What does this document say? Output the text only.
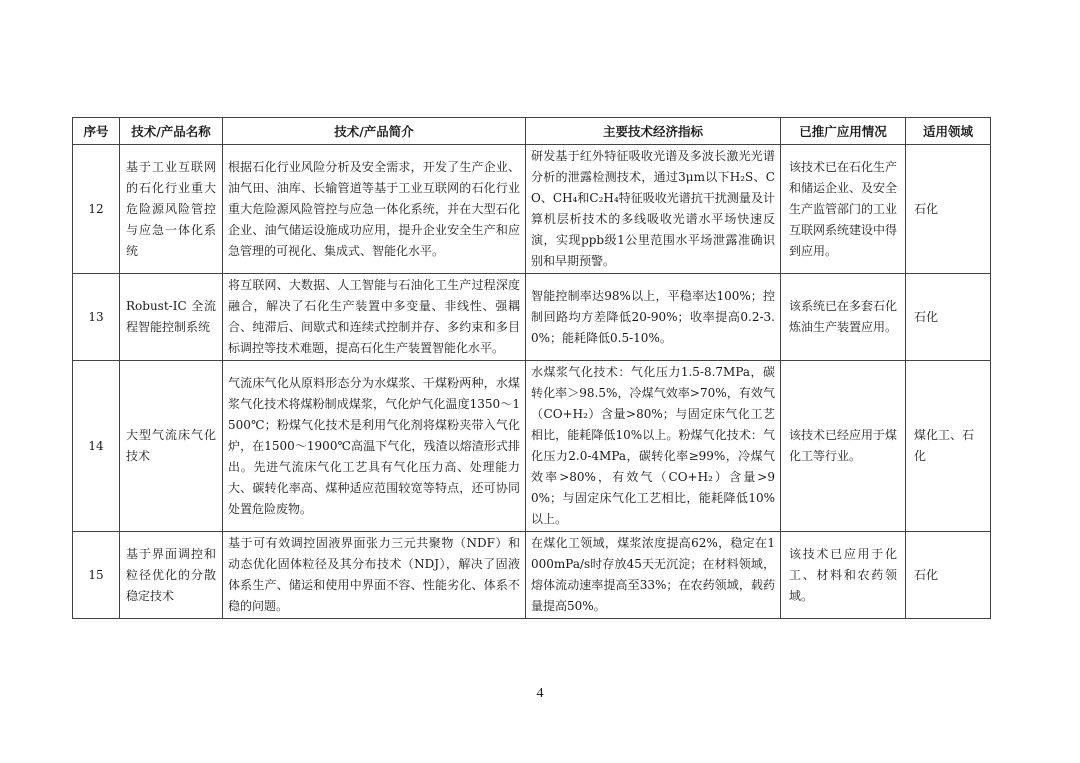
序号	技术/产品名称	技术/产品简介	主要技术经济指标	已推广应用情况	适用领域
12	基于工业互联网的石化行业重大危险源风险管控与应急一体化系统	根据石化行业风险分析及安全需求，开发了生产企业、油气田、油库、长输管道等基于工业互联网的石化行业重大危险源风险管控与应急一体化系统，并在大型石化企业、油气储运设施成功应用，提升企业安全生产和应急管理的可视化、集成式、智能化水平。	研发基于红外特征吸收光谱及多波长激光光谱分析的泄露检测技术，通过3μm以下H₂S、CO、CH₄和C₂H₄特征吸收光谱抗干扰测量及计算机层析技术的多线吸收光谱水平场快速反演，实现ppb级1公里范围水平场泄露准确识别和早期预警。	该技术已在石化生产和储运企业、及安全生产监管部门的工业互联网系统建设中得到应用。	石化
13	Robust-IC 全流程智能控制系统	将互联网、大数据、人工智能与石油化工生产过程深度融合，解决了石化生产装置中多变量、非线性、强耦合、纯滞后、间歇式和连续式控制并存、多约束和多目标调控等技术难题，提高石化生产装置智能化水平。	智能控制率达98%以上，平稳率达100%；控制回路均方差降低20-90%；收率提高0.2-3.0%；能耗降低0.5-10%。	该系统已在多套石化炼油生产装置应用。	石化
14	大型气流床气化技术	气流床气化从原料形态分为水煤浆、干煤粉两种，水煤浆气化技术将煤粉制成煤浆，气化炉气化温度1350～1500℃；粉煤气化技术是利用气化剂将煤粉夹带入气化炉，在1500～1900℃高温下气化，残渣以熔渣形式排出。先进气流床气化工艺具有气化压力高、处理能力大、碳转化率高、煤种适应范围较宽等特点，还可协同处置危险废物。	水煤浆气化技术：气化压力1.5-8.7MPa，碳转化率＞98.5%，冷煤气效率>70%，有效气（CO+H₂）含量>80%；与固定床气化工艺相比，能耗降低10%以上。粉煤气化技术：气化压力2.0-4MPa，碳转化率≥99%，冷煤气效率>80%，有效气（CO+H₂）含量>90%；与固定床气化工艺相比，能耗降低10%以上。	该技术已经应用于煤化工等行业。	煤化工、石化
15	基于界面调控和粒径优化的分散稳定技术	基于可有效调控固液界面张力三元共聚物（NDF）和动态优化固体粒径及其分布技术（NDJ），解决了固液体系生产、储运和使用中界面不容、性能劣化、体系不稳的问题。	在煤化工领域，煤浆浓度提高62%，稳定在1000mPa/s时存放45天无沉淀；在材料领域，熔体流动速率提高至33%；在农药领域，载药量提高50%。	该技术已应用于化工、材料和农药领域。	石化
4
